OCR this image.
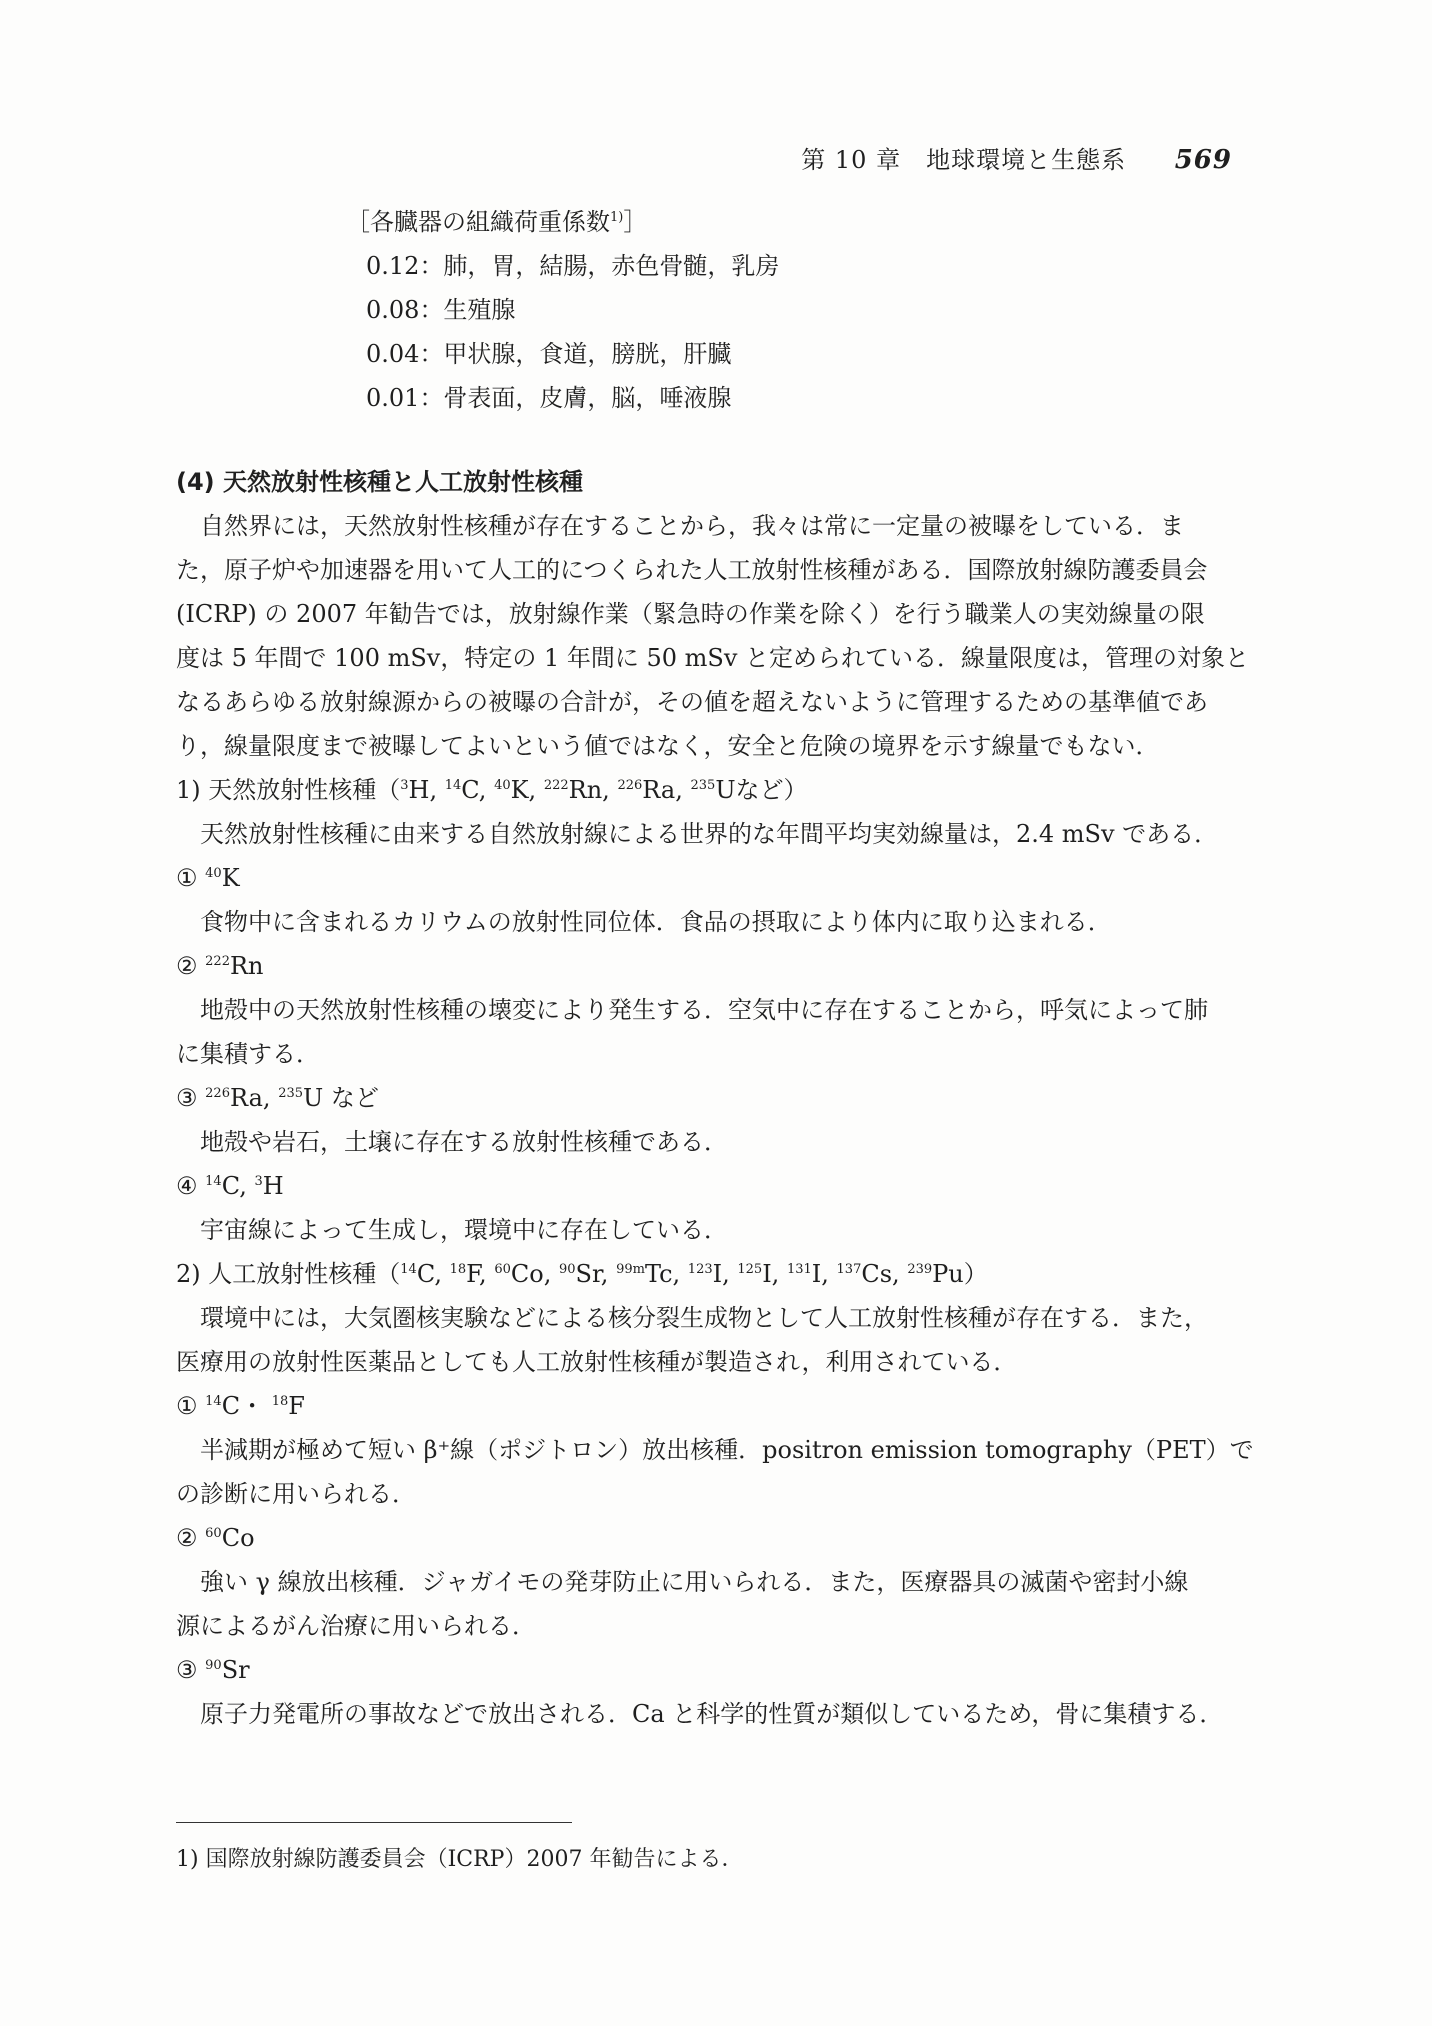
第 10 章　地球環境と生態系 569
［各臓器の組織荷重係数$^{1)}$］
0.12：肺，胃，結腸，赤色骨髄，乳房
0.08：生殖腺
0.04：甲状腺，食道，膀胱，肝臓
0.01：骨表面，皮膚，脳，唾液腺
(4) 天然放射性核種と人工放射性核種
自然界には，天然放射性核種が存在することから，我々は常に一定量の被曝をしている．ま
た，原子炉や加速器を用いて人工的につくられた人工放射性核種がある．国際放射線防護委員会
(ICRP) の 2007 年勧告では，放射線作業（緊急時の作業を除く）を行う職業人の実効線量の限
度は 5 年間で 100 mSv，特定の 1 年間に 50 mSv と定められている．線量限度は，管理の対象と
なるあらゆる放射線源からの被曝の合計が，その値を超えないように管理するための基準値であ
り，線量限度まで被曝してよいという値ではなく，安全と危険の境界を示す線量でもない．
1) 天然放射性核種（$^3$H, $^{14}$C, $^{40}$K, $^{222}$Rn, $^{226}$Ra, $^{235}$Uなど）
天然放射性核種に由来する自然放射線による世界的な年間平均実効線量は，2.4 mSv である．
① $^{40}$K
食物中に含まれるカリウムの放射性同位体．食品の摂取により体内に取り込まれる．
② $^{222}$Rn
地殻中の天然放射性核種の壊変により発生する．空気中に存在することから，呼気によって肺
に集積する．
③ $^{226}$Ra, $^{235}$U など
地殻や岩石，土壌に存在する放射性核種である．
④ $^{14}$C, $^3$H
宇宙線によって生成し，環境中に存在している．
2) 人工放射性核種（$^{14}$C, $^{18}$F, $^{60}$Co, $^{90}$Sr, $^{99m}$Tc, $^{123}$I, $^{125}$I, $^{131}$I, $^{137}$Cs, $^{239}$Pu）
環境中には，大気圏核実験などによる核分裂生成物として人工放射性核種が存在する．また，
医療用の放射性医薬品としても人工放射性核種が製造され，利用されている．
① $^{14}$C・ $^{18}$F
半減期が極めて短い β⁺線（ポジトロン）放出核種．positron emission tomography（PET）で
の診断に用いられる．
② $^{60}$Co
強い γ 線放出核種．ジャガイモの発芽防止に用いられる．また，医療器具の滅菌や密封小線
源によるがん治療に用いられる．
③ $^{90}$Sr
原子力発電所の事故などで放出される．Ca と科学的性質が類似しているため，骨に集積する．
1) 国際放射線防護委員会（ICRP）2007 年勧告による．
